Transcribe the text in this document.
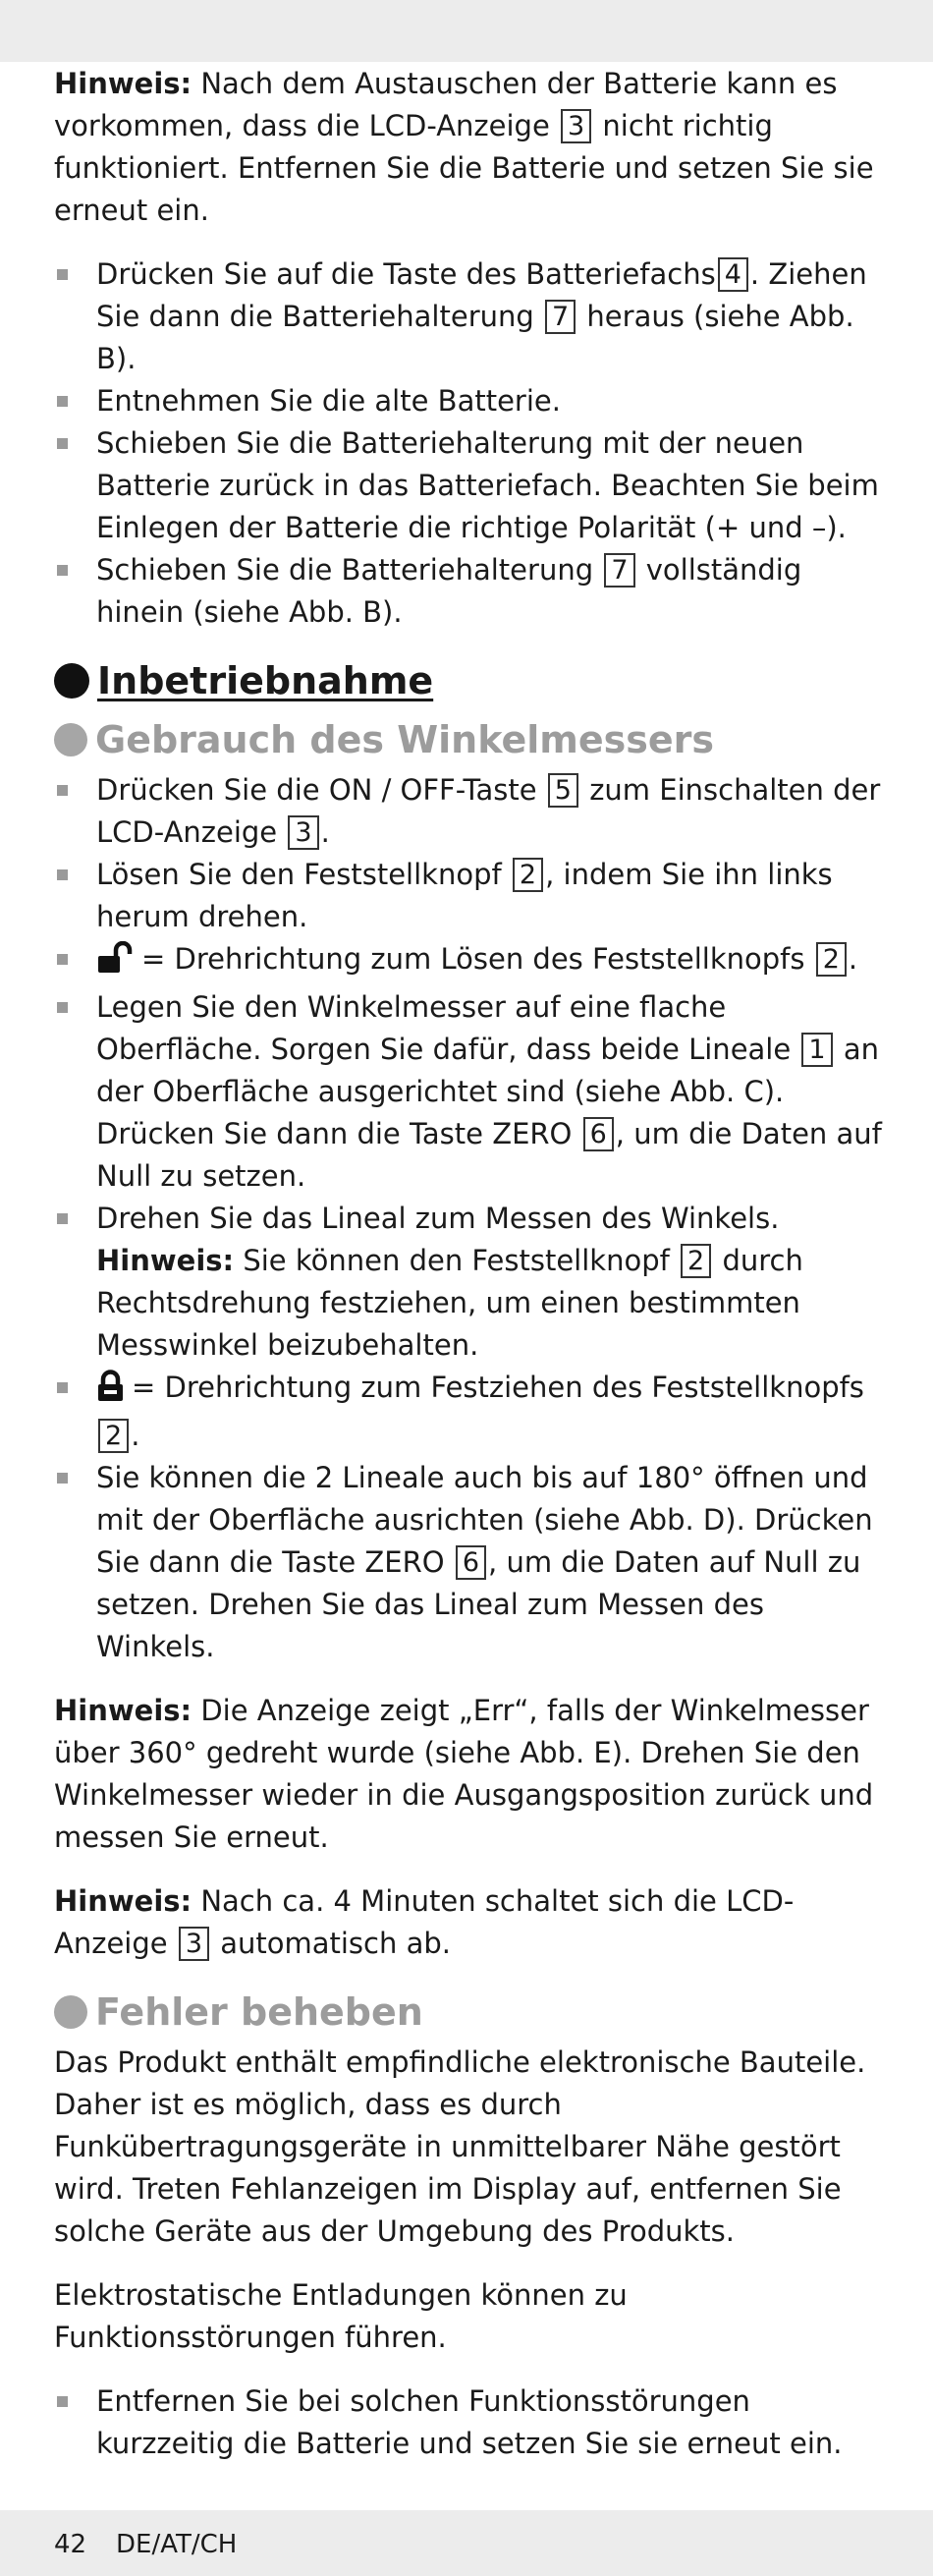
Hinweis: Nach dem Austauschen der Batterie kann es vorkommen, dass die LCD-Anzeige 3 nicht richtig funktioniert. Entfernen Sie die Batterie und setzen Sie sie erneut ein.

Drücken Sie auf die Taste des Batteriefachs 4 . Ziehen Sie dann die Batteriehalterung 7 heraus (siehe Abb. B).
Entnehmen Sie die alte Batterie.
Schieben Sie die Batteriehalterung mit der neuen Batterie zurück in das Batteriefach. Beachten Sie beim Einlegen der Batterie die richtige Polarität (+ und –).
Schieben Sie die Batteriehalterung 7 vollständig hinein (siehe Abb. B).
Inbetriebnahme
Gebrauch des Winkelmessers
Drücken Sie die ON / OFF-Taste 5 zum Einschalten der LCD-Anzeige 3 .
Lösen Sie den Feststellknopf 2 , indem Sie ihn links herum drehen.
= Drehrichtung zum Lösen des Feststellknopfs 2 .
Legen Sie den Winkelmesser auf eine flache Oberfläche. Sorgen Sie dafür, dass beide Lineale 1 an der Oberfläche ausgerichtet sind (siehe Abb. C). Drücken Sie dann die Taste ZERO 6 , um die Daten auf Null zu setzen.
Drehen Sie das Lineal zum Messen des Winkels.
Hinweis: Sie können den Feststellknopf 2 durch Rechtsdrehung festziehen, um einen bestimmten Messwinkel beizubehalten.
= Drehrichtung zum Festziehen des Feststellknopfs 2 .
Sie können die 2 Lineale auch bis auf 180° öffnen und mit der Oberfläche ausrichten (siehe Abb. D). Drücken Sie dann die Taste ZERO 6 , um die Daten auf Null zu setzen. Drehen Sie das Lineal zum Messen des Winkels.

Hinweis: Die Anzeige zeigt „Err“, falls der Winkelmesser über 360° gedreht wurde (siehe Abb. E). Drehen Sie den Winkelmesser wieder in die Ausgangsposition zurück und messen Sie erneut.

Hinweis: Nach ca. 4 Minuten schaltet sich die LCD-Anzeige 3 automatisch ab.

Fehler beheben

Das Produkt enthält empfindliche elektronische Bauteile. Daher ist es möglich, dass es durch Funkübertragungsgeräte in unmittelbarer Nähe gestört wird. Treten Fehlanzeigen im Display auf, entfernen Sie solche Geräte aus der Umgebung des Produkts.

Elektrostatische Entladungen können zu Funktionsstörungen führen.

Entfernen Sie bei solchen Funktionsstörungen kurzzeitig die Batterie und setzen Sie sie erneut ein.
42 DE/AT/CH
